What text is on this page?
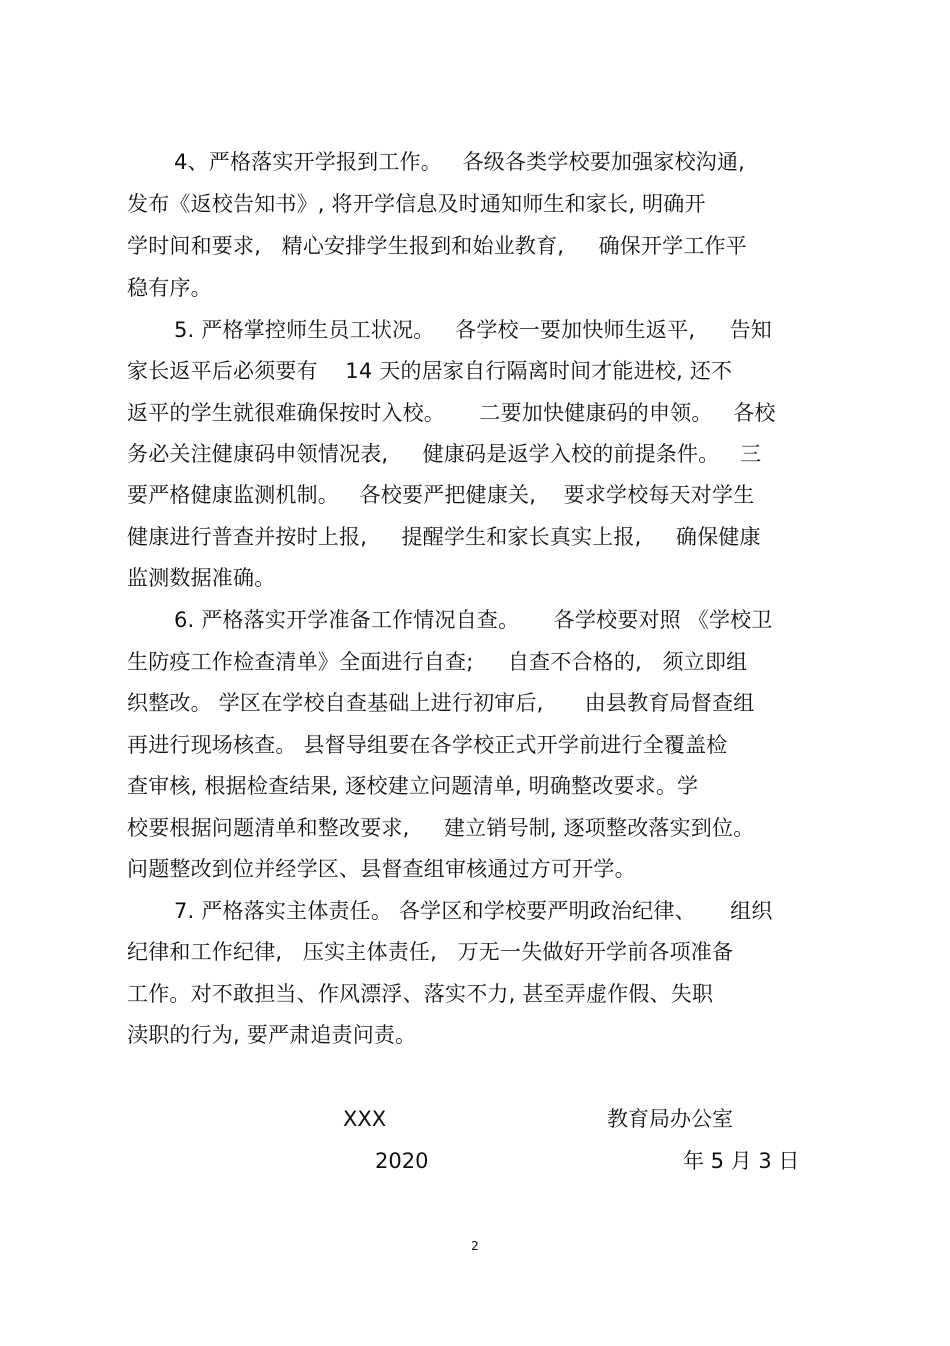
4、严格落实开学报到工作。   各级各类学校要加强家校沟通,
发布《返校告知书》, 将开学信息及时通知师生和家长, 明确开
学时间和要求,   精心安排学生报到和始业教育,     确保开学工作平
稳有序。
5. 严格掌控师生员工状况。   各学校一要加快师生返平,     告知
家长返平后必须要有    14 天的居家自行隔离时间才能进校, 还不
返平的学生就很难确保按时入校。     二要加快健康码的申领。   各校
务必关注健康码申领情况表,     健康码是返学入校的前提条件。   三
要严格健康监测机制。   各校要严把健康关,    要求学校每天对学生
健康进行普查并按时上报,     提醒学生和家长真实上报,     确保健康
监测数据准确。
6. 严格落实开学准备工作情况自查。     各学校要对照 《学校卫
生防疫工作检查清单》全面进行自查;     自查不合格的,   须立即组
织整改。 学区在学校自查基础上进行初审后,      由县教育局督查组
再进行现场核查。 县督导组要在各学校正式开学前进行全覆盖检
查审核, 根据检查结果, 逐校建立问题清单, 明确整改要求。学
校要根据问题清单和整改要求,     建立销号制, 逐项整改落实到位。
问题整改到位并经学区、县督查组审核通过方可开学。
7. 严格落实主体责任。 各学区和学校要严明政治纪律、     组织
纪律和工作纪律,   压实主体责任,   万无一失做好开学前各项准备
工作。对不敢担当、作风漂浮、落实不力, 甚至弄虚作假、失职
渎职的行为, 要严肃追责问责。
XXX	教育局办公室
2020	年 5 月 3 日
2
